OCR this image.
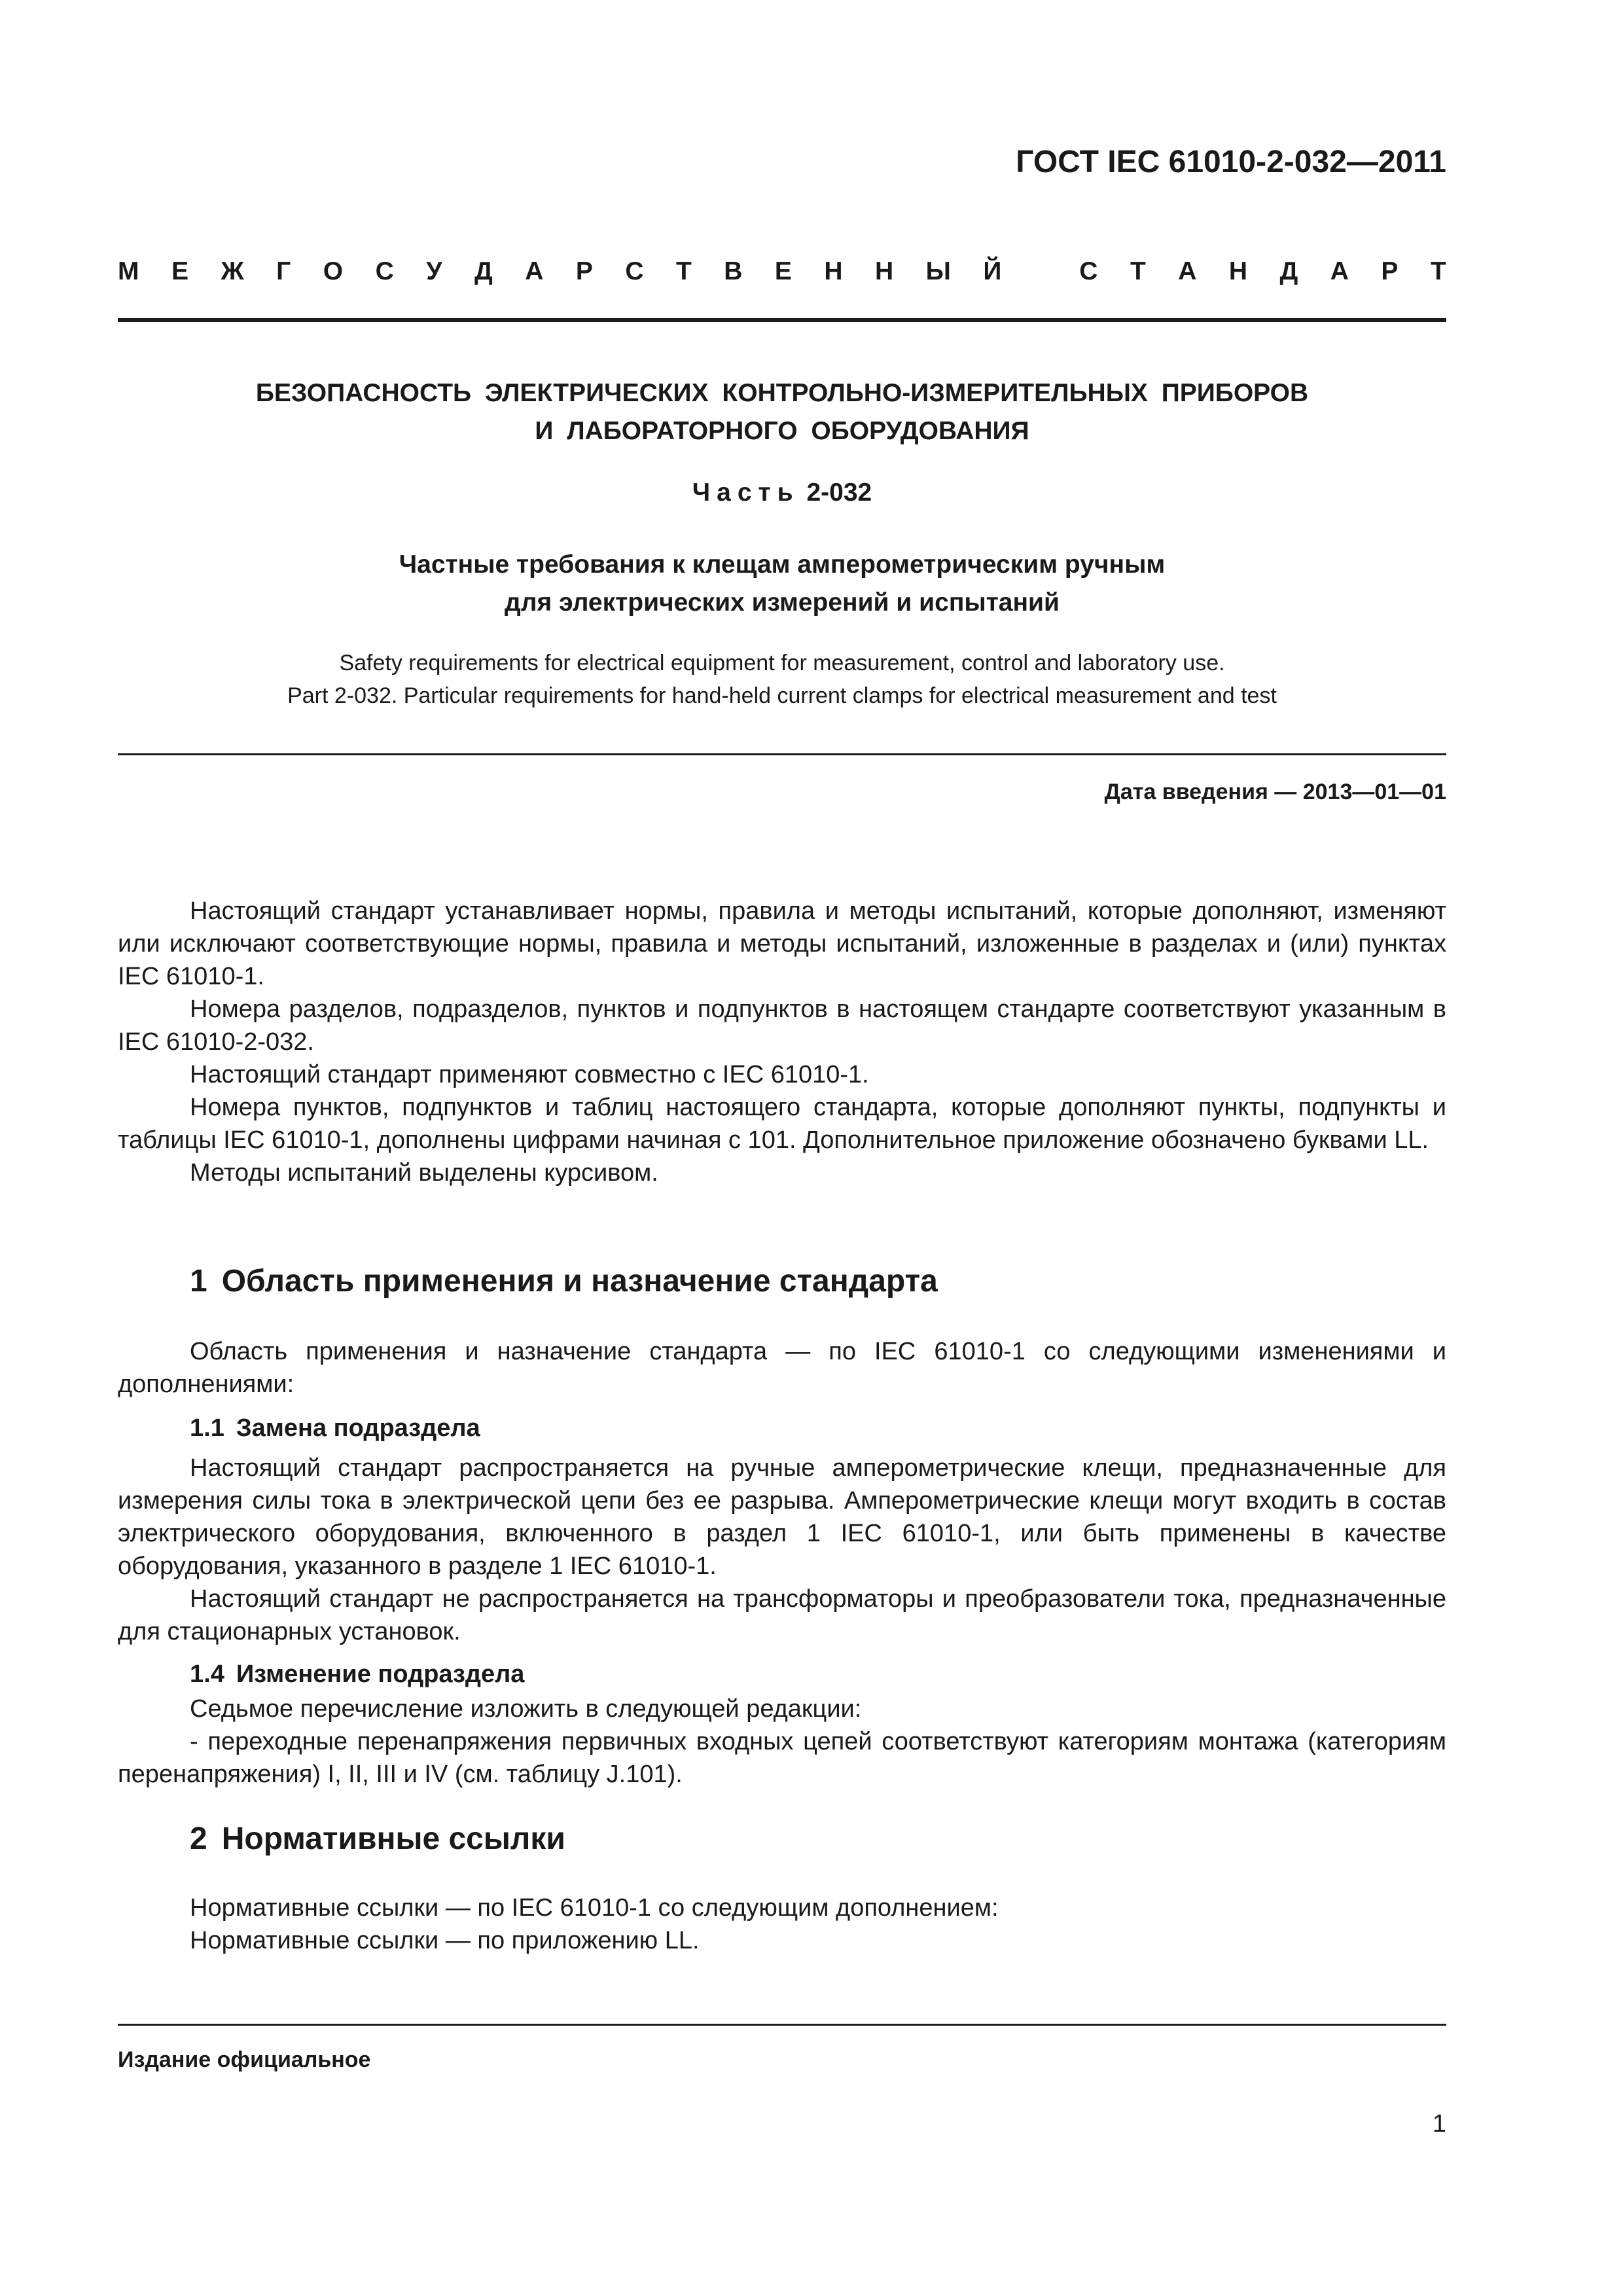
ГОСТ IEC 61010-2-032—2011
М Е Ж Г О С У Д А Р С Т В Е Н Н Ы Й	С Т А Н Д А Р Т
БЕЗОПАСНОСТЬ ЭЛЕКТРИЧЕСКИХ КОНТРОЛЬНО-ИЗМЕРИТЕЛЬНЫХ ПРИБОРОВ
И ЛАБОРАТОРНОГО ОБОРУДОВАНИЯ
Часть 2-032
Частные требования к клещам амперометрическим ручным
для электрических измерений и испытаний
Safety requirements for electrical equipment for measurement, control and laboratory use.
Part 2-032. Particular requirements for hand-held current clamps for electrical measurement and test
Дата введения — 2013—01—01

Настоящий стандарт устанавливает нормы, правила и методы испытаний, которые дополняют, изменяют или исключают соответствующие нормы, правила и методы испытаний, изложенные в разделах и (или) пунктах IEC 61010-1.

Номера разделов, подразделов, пунктов и подпунктов в настоящем стандарте соответствуют указанным в IEC 61010-2-032.

Настоящий стандарт применяют совместно с IEC 61010-1.

Номера пунктов, подпунктов и таблиц настоящего стандарта, которые дополняют пункты, подпункты и таблицы IEC 61010-1, дополнены цифрами начиная с 101. Дополнительное приложение обозначено буквами LL.

Методы испытаний выделены курсивом.

1 Область применения и назначение стандарта

Область применения и назначение стандарта — по IEC 61010-1 со следующими изменениями и дополнениями:

1.1 Замена подраздела

Настоящий стандарт распространяется на ручные амперометрические клещи, предназначенные для измерения силы тока в электрической цепи без ее разрыва. Амперометрические клещи могут входить в состав электрического оборудования, включенного в раздел 1 IEC 61010-1, или быть применены в качестве оборудования, указанного в разделе 1 IEC 61010-1.

Настоящий стандарт не распространяется на трансформаторы и преобразователи тока, предназначенные для стационарных установок.

1.4 Изменение подраздела

Седьмое перечисление изложить в следующей редакции:

- переходные перенапряжения первичных входных цепей соответствуют категориям монтажа (категориям перенапряжения) I, II, III и IV (см. таблицу J.101).

2 Нормативные ссылки

Нормативные ссылки — по IEC 61010-1 со следующим дополнением:

Нормативные ссылки — по приложению LL.

Издание официальное
1
